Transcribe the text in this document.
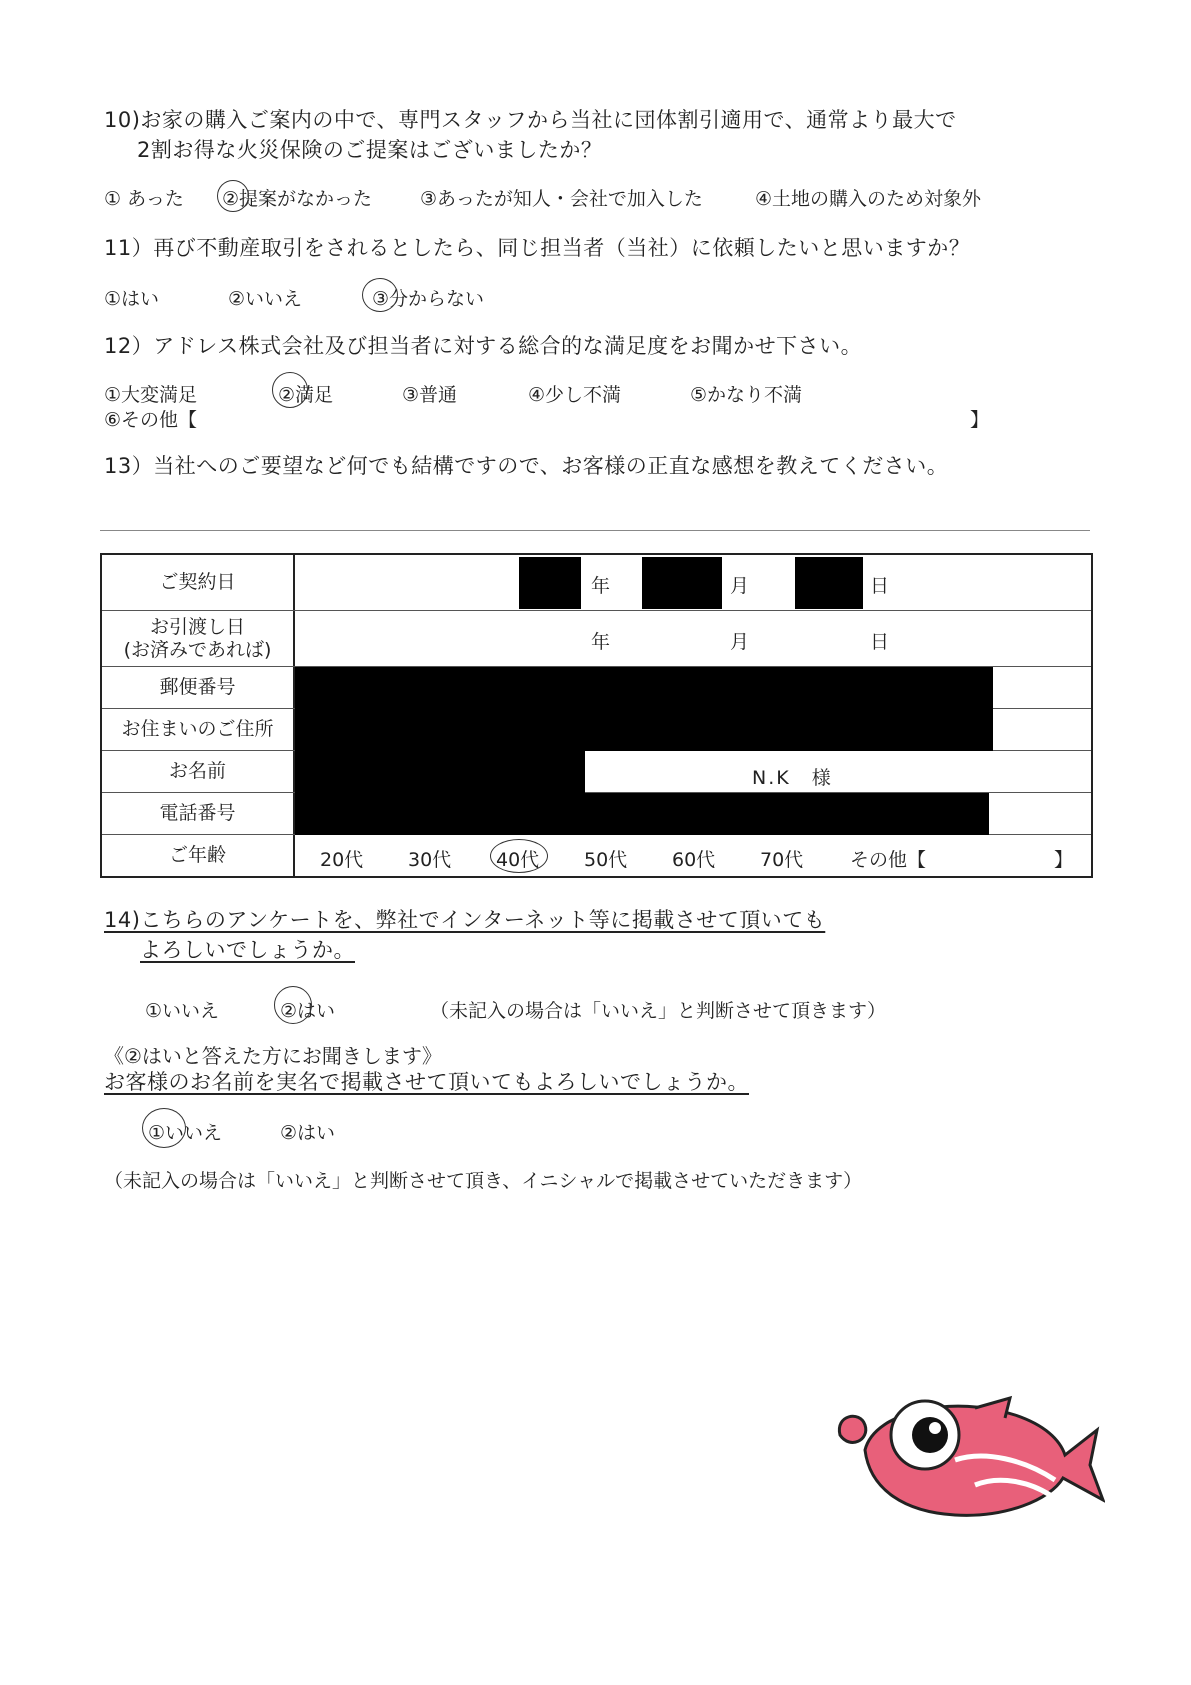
10)お家の購入ご案内の中で、専門スタッフから当社に団体割引適用で、通常より最大で
2割お得な火災保険のご提案はございましたか？
① あった ②提案がなかった	③あったが知人・会社で加入した	④土地の購入のため対象外
11）再び不動産取引をされるとしたら、同じ担当者（当社）に依頼したいと思いますか？
①はい	②いいえ	③分からない
12）アドレス株式会社及び担当者に対する総合的な満足度をお聞かせ下さい。
①大変満足	②満足	③普通	④少し不満	⑤かなり不満
⑥その他【	】
13）当社へのご要望など何でも結構ですので、お客様の正直な感想を教えてください。
ご契約日	年	月	日
お引渡し日
(お済みであれば)	年	月	日
郵便番号
お住まいのご住所
お名前	N.K　様
電話番号
ご年齢	20代 30代 40代 50代 60代 70代 その他【	】
14)こちらのアンケートを、弊社でインターネット等に掲載させて頂いても
よろしいでしょうか。
①いいえ	②はい	（未記入の場合は「いいえ」と判断させて頂きます）
《②はいと答えた方にお聞きします》
お客様のお名前を実名で掲載させて頂いてもよろしいでしょうか。
①いいえ	②はい
（未記入の場合は「いいえ」と判断させて頂き、イニシャルで掲載させていただきます）
